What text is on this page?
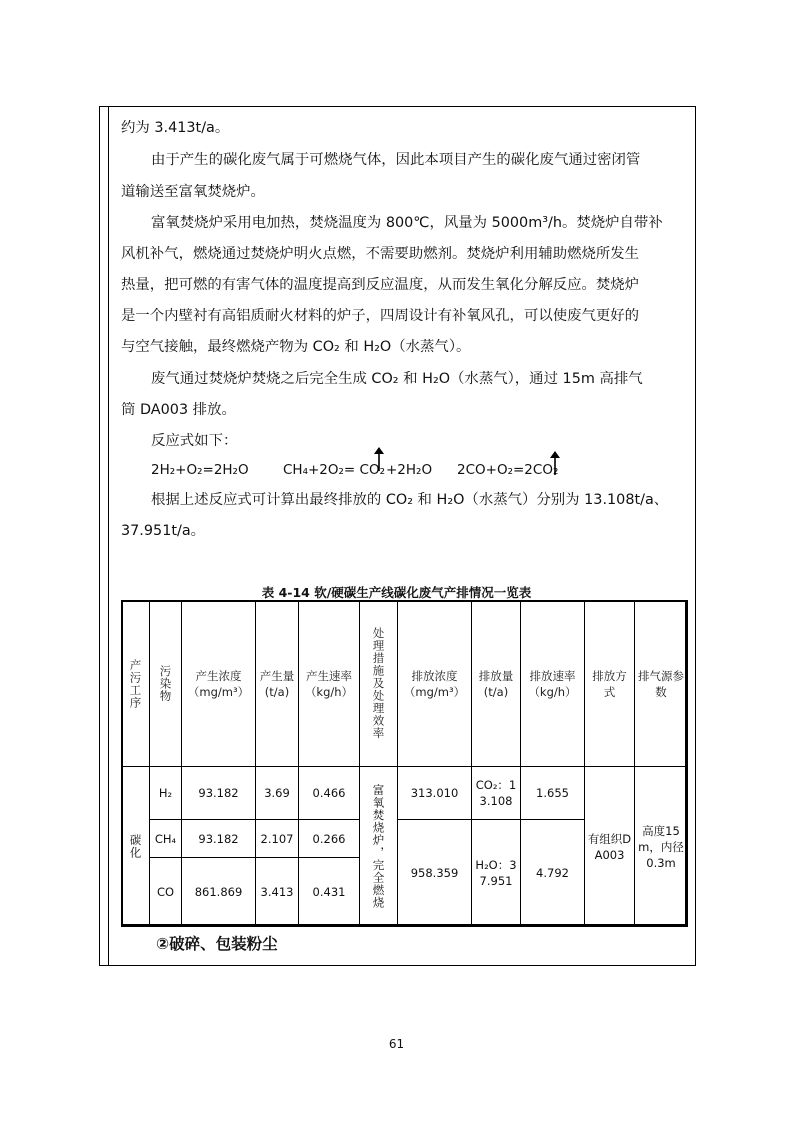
约为 3.413t/a。
由于产生的碳化废气属于可燃烧气体，因此本项目产生的碳化废气通过密闭管
道输送至富氧焚烧炉。
富氧焚烧炉采用电加热，焚烧温度为 800℃，风量为 5000m³/h。焚烧炉自带补
风机补气，燃烧通过焚烧炉明火点燃，不需要助燃剂。焚烧炉利用辅助燃烧所发生
热量，把可燃的有害气体的温度提高到反应温度，从而发生氧化分解反应。焚烧炉
是一个内壁衬有高铝质耐火材料的炉子，四周设计有补氧风孔，可以使废气更好的
与空气接触，最终燃烧产物为 CO₂ 和 H₂O（水蒸气）。
废气通过焚烧炉焚烧之后完全生成 CO₂ 和 H₂O（水蒸气），通过 15m 高排气
筒 DA003 排放。
反应式如下：
2H₂+O₂=2H₂O	CH₄+2O₂= CO₂ +2H₂O 2CO+O₂=2CO₂
根据上述反应式可计算出最终排放的 CO₂ 和 H₂O（水蒸气）分别为 13.108t/a、
37.951t/a。
表 4-14 软/硬碳生产线碳化废气产排情况一览表
产污工序	污染物	产生浓度（mg/m³）	产生量(t/a)	产生速率（kg/h）	处理措施及处理效率	排放浓度（mg/m³）	排放量(t/a)	排放速率（kg/h）	排放方式	排气源参数

碳化	H₂	93.182	3.69	0.466	富氧焚烧炉，完全燃烧	313.010	CO₂：13.108	1.655	有组织DA003	高度15m，内径0.3m
	CH₄	93.182	2.107	0.266		958.359	H₂O：37.951	4.792		
	CO	861.869	3.413	0.431						
②破碎、包装粉尘
61
